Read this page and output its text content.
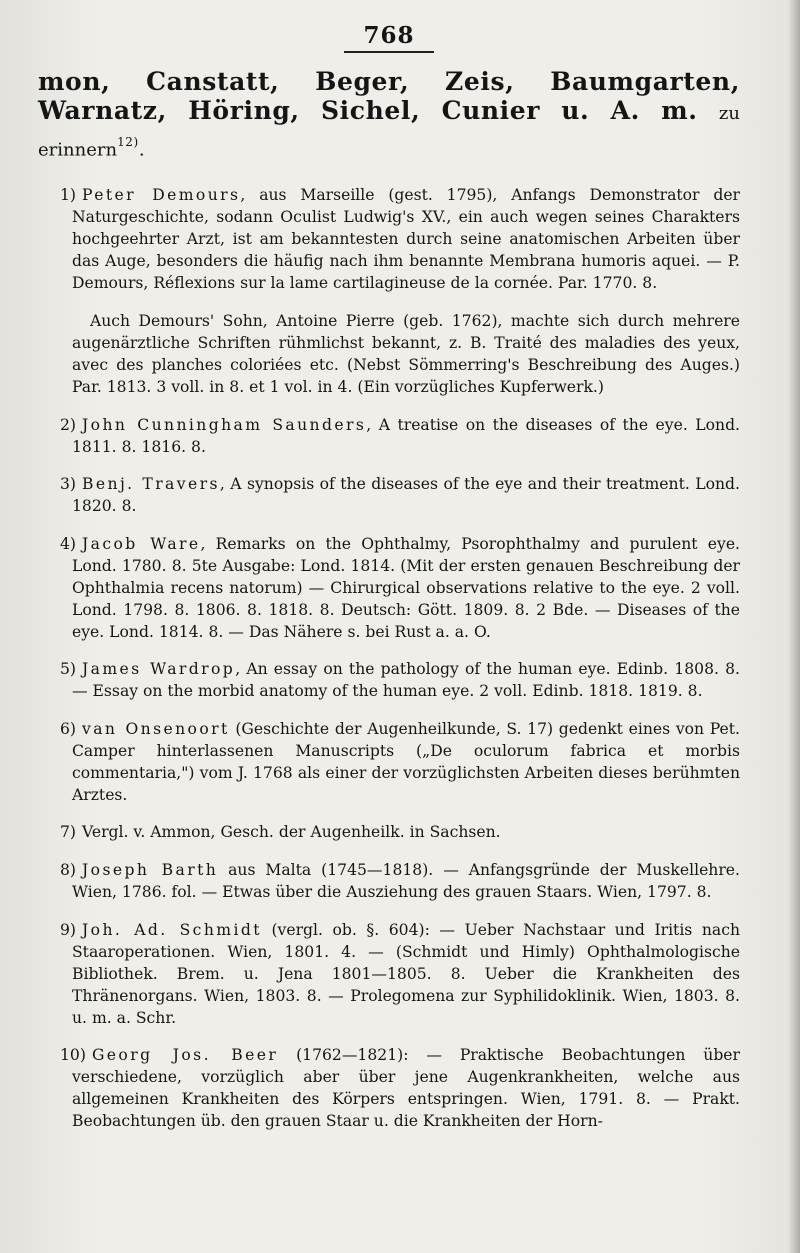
768
mon, Canstatt, Beger, Zeis, Baumgarten, Warnatz, Höring, Sichel, Cunier u. A. m. zu erinnern$^{12)}$.

1) Peter Demours, aus Marseille (gest. 1795), Anfangs Demonstrator der Naturgeschichte, sodann Oculist Ludwig's XV., ein auch wegen seines Charakters hochgeehrter Arzt, ist am bekanntesten durch seine anatomischen Arbeiten über das Auge, besonders die häufig nach ihm benannte Membrana humoris aquei. — P. Demours, Réflexions sur la lame cartilagineuse de la cornée. Par. 1770. 8.

Auch Demours' Sohn, Antoine Pierre (geb. 1762), machte sich durch mehrere augenärztliche Schriften rühmlichst bekannt, z. B. Traité des maladies des yeux, avec des planches coloriées etc. (Nebst Sömmerring's Beschreibung des Auges.) Par. 1813. 3 voll. in 8. et 1 vol. in 4. (Ein vorzügliches Kupferwerk.)

2) John Cunningham Saunders, A treatise on the diseases of the eye. Lond. 1811. 8. 1816. 8.

3) Benj. Travers, A synopsis of the diseases of the eye and their treatment. Lond. 1820. 8.

4) Jacob Ware, Remarks on the Ophthalmy, Psorophthalmy and purulent eye. Lond. 1780. 8. 5te Ausgabe: Lond. 1814. (Mit der ersten genauen Beschreibung der Ophthalmia recens natorum) — Chirurgical observations relative to the eye. 2 voll. Lond. 1798. 8. 1806. 8. 1818. 8. Deutsch: Gött. 1809. 8. 2 Bde. — Diseases of the eye. Lond. 1814. 8. — Das Nähere s. bei Rust a. a. O.

5) James Wardrop, An essay on the pathology of the human eye. Edinb. 1808. 8. — Essay on the morbid anatomy of the human eye. 2 voll. Edinb. 1818. 1819. 8.

6) van Onsenoort (Geschichte der Augenheilkunde, S. 17) gedenkt eines von Pet. Camper hinterlassenen Manuscripts („De oculorum fabrica et morbis commentaria,") vom J. 1768 als einer der vorzüglichsten Arbeiten dieses berühmten Arztes.

7) Vergl. v. Ammon, Gesch. der Augenheilk. in Sachsen.

8) Joseph Barth aus Malta (1745—1818). — Anfangsgründe der Muskellehre. Wien, 1786. fol. — Etwas über die Ausziehung des grauen Staars. Wien, 1797. 8.

9) Joh. Ad. Schmidt (vergl. ob. §. 604): — Ueber Nachstaar und Iritis nach Staaroperationen. Wien, 1801. 4. — (Schmidt und Himly) Ophthalmologische Bibliothek. Brem. u. Jena 1801—1805. 8. Ueber die Krankheiten des Thränenorgans. Wien, 1803. 8. — Prolegomena zur Syphilidoklinik. Wien, 1803. 8. u. m. a. Schr.

10) Georg Jos. Beer (1762—1821): — Praktische Beobachtungen über verschiedene, vorzüglich aber über jene Augenkrankheiten, welche aus allgemeinen Krankheiten des Körpers entspringen. Wien, 1791. 8. — Prakt. Beobachtungen üb. den grauen Staar u. die Krankheiten der Horn-
